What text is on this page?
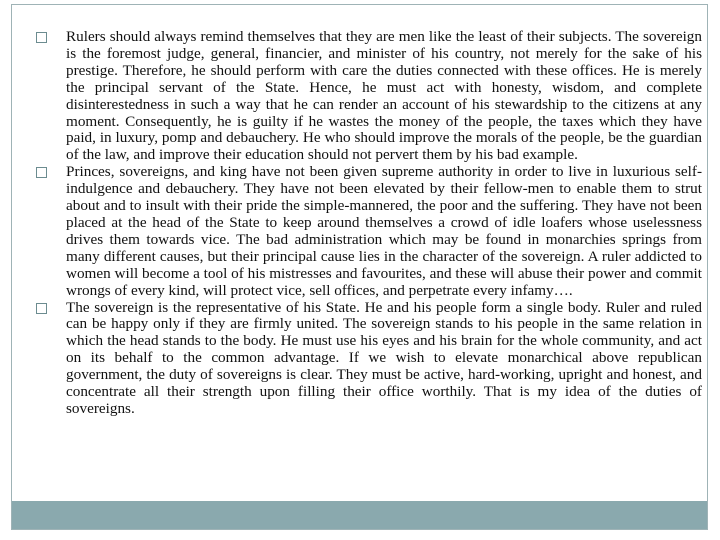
Rulers should always remind themselves that they are men like the least of their subjects. The sovereign is the foremost judge, general, financier, and minister of his country, not merely for the sake of his prestige. Therefore, he should perform with care the duties connected with these offices. He is merely the principal servant of the State. Hence, he must act with honesty, wisdom, and complete disinterestedness in such a way that he can render an account of his stewardship to the citizens at any moment. Consequently, he is guilty if he wastes the money of the people, the taxes which they have paid, in luxury, pomp and debauchery. He who should improve the morals of the people, be the guardian of the law, and improve their education should not pervert them by his bad example.
Princes, sovereigns, and king have not been given supreme authority in order to live in luxurious self-indulgence and debauchery. They have not been elevated by their fellow-men to enable them to strut about and to insult with their pride the simple-mannered, the poor and the suffering. They have not been placed at the head of the State to keep around themselves a crowd of idle loafers whose uselessness drives them towards vice. The bad administration which may be found in monarchies springs from many different causes, but their principal cause lies in the character of the sovereign. A ruler addicted to women will become a tool of his mistresses and favourites, and these will abuse their power and commit wrongs of every kind, will protect vice, sell offices, and perpetrate every infamy….
The sovereign is the representative of his State. He and his people form a single body. Ruler and ruled can be happy only if they are firmly united. The sovereign stands to his people in the same relation in which the head stands to the body. He must use his eyes and his brain for the whole community, and act on its behalf to the common advantage. If we wish to elevate monarchical above republican government, the duty of sovereigns is clear. They must be active, hard-working, upright and honest, and concentrate all their strength upon filling their office worthily. That is my idea of the duties of sovereigns.
